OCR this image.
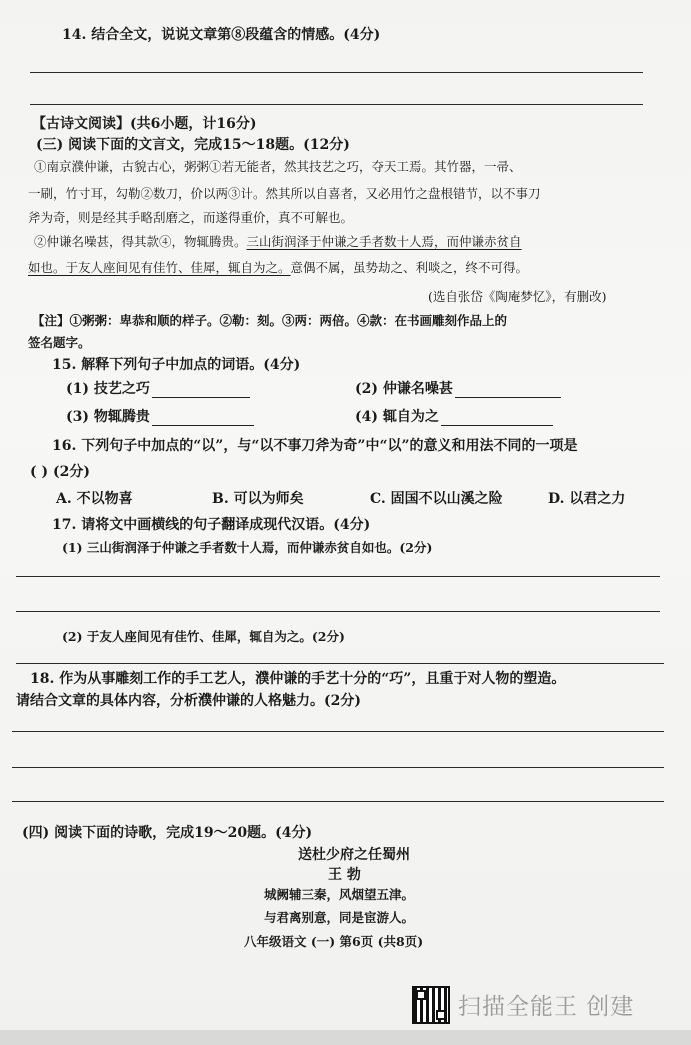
14. 结合全文，说说文章第⑧段蕴含的情感。(4分)
【古诗文阅读】(共6小题，计16分)
(三) 阅读下面的文言文，完成15～18题。(12分)
①南京濮仲谦，古貌古心，粥粥①若无能者，然其技艺之巧，夺天工焉。其竹器，一帚、
一刷，竹寸耳，勾勒②数刀，价以两③计。然其所以自喜者，又必用竹之盘根错节，以不事刀
斧为奇，则是经其手略刮磨之，而遂得重价，真不可解也。
②仲谦名噪甚，得其款④，物辄腾贵。三山街润泽于仲谦之手者数十人焉，而仲谦赤贫自
如也。于友人座间见有佳竹、佳犀，辄自为之。意偶不属，虽势劫之、利啖之，终不可得。
(选自张岱《陶庵梦忆》，有删改)
【注】①粥粥：卑恭和顺的样子。②勒：刻。③两：两倍。④款：在书画雕刻作品上的
签名题字。
15. 解释下列句子中加点的词语。(4分)
(1) 技艺之巧	(2) 仲谦名噪甚
(3) 物辄腾贵	(4) 辄自为之
16. 下列句子中加点的“以”，与“以不事刀斧为奇”中“以”的意义和用法不同的一项是
( ) (2分)
A. 不以物喜	B. 可以为师矣	C. 固国不以山溪之险	D. 以君之力
17. 请将文中画横线的句子翻译成现代汉语。(4分)
(1) 三山街润泽于仲谦之手者数十人焉，而仲谦赤贫自如也。(2分)
(2) 于友人座间见有佳竹、佳犀，辄自为之。(2分)
18. 作为从事雕刻工作的手工艺人，濮仲谦的手艺十分的“巧”，且重于对人物的塑造。
请结合文章的具体内容，分析濮仲谦的人格魅力。(2分)
(四) 阅读下面的诗歌，完成19～20题。(4分)
送杜少府之任蜀州
王 勃
城阙辅三秦，风烟望五津。
与君离别意，同是宦游人。
八年级语文 (一) 第6页 (共8页)
扫描全能王 创建
